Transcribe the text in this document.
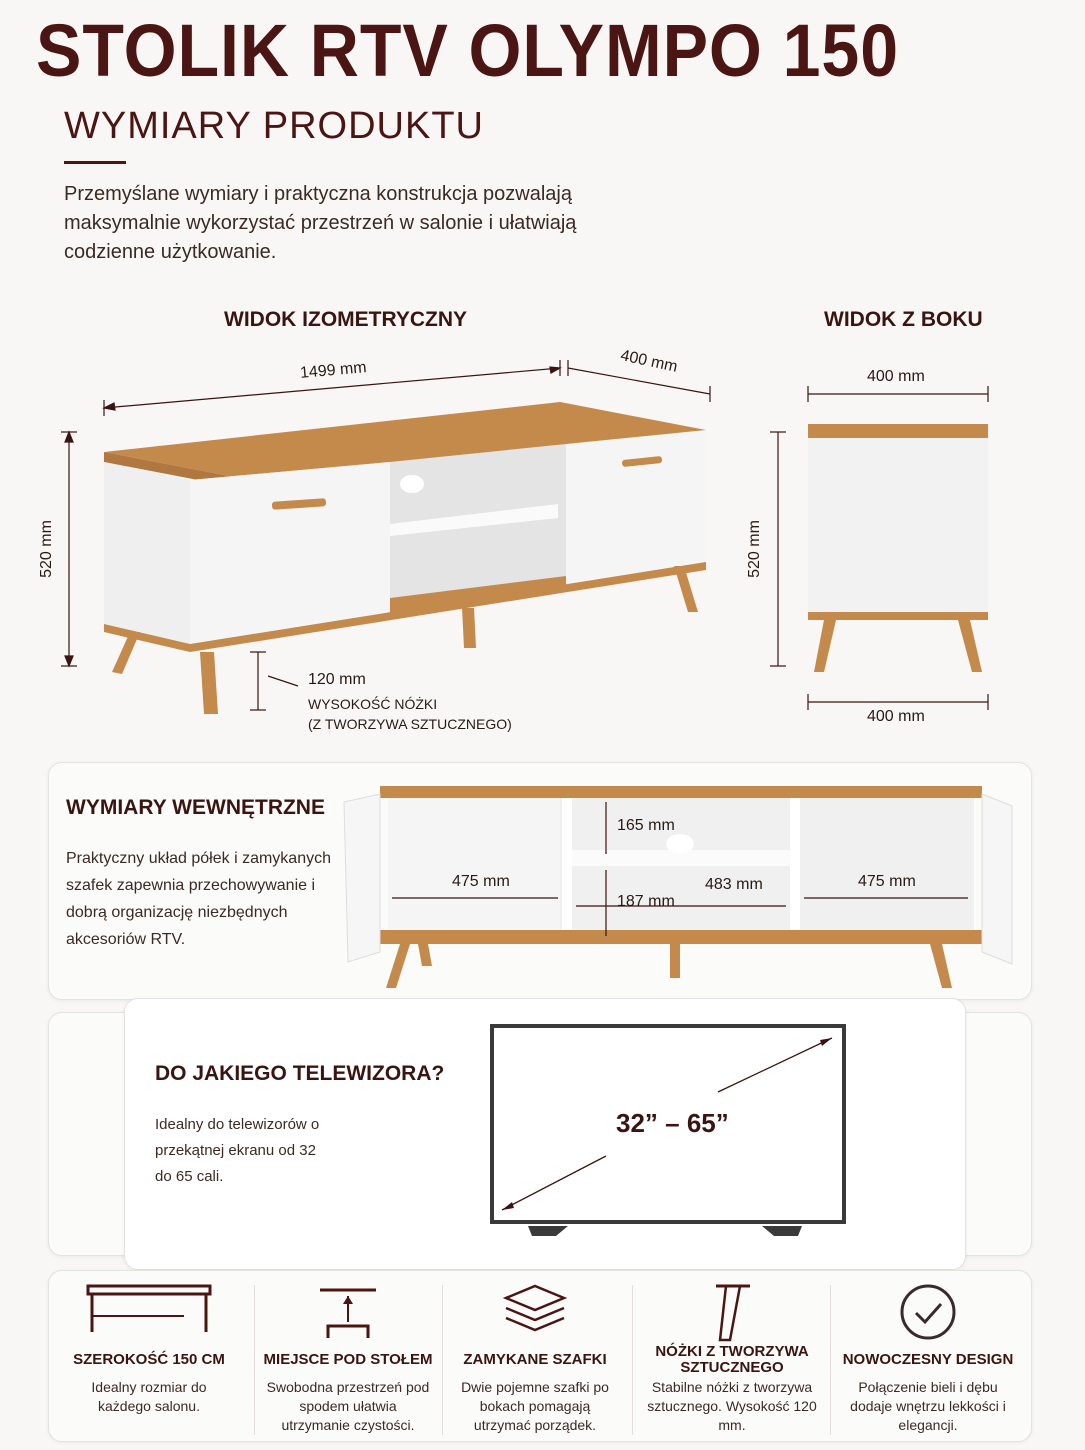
STOLIK RTV OLYMPO 150
WYMIARY PRODUKTU
Przemyślane wymiary i praktyczna konstrukcja pozwalają maksymalnie wykorzystać przestrzeń w salonie i ułatwiają codzienne użytkowanie.
WIDOK IZOMETRYCZNY	WIDOK Z BOKU
1499 mm	400 mm
520 mm
120 mm
WYSOKOŚĆ NÓŻKI
(Z TWORZYWA SZTUCZNEGO)
400 mm
520 mm
400 mm
WYMIARY WEWNĘTRZNE
Praktyczny układ półek i zamykanych szafek zapewnia przechowywanie i dobrą organizację niezbędnych akcesoriów RTV.
475 mm
165 mm
187 mm
483 mm	475 mm
DO JAKIEGO TELEWIZORA?
Idealny do telewizorów o przekątnej ekranu od 32 do 65 cali.
32” – 65”
SZEROKOŚĆ 150 CM
Idealny rozmiar do każdego salonu.
MIEJSCE POD STOŁEM
Swobodna przestrzeń pod spodem ułatwia utrzymanie czystości.
ZAMYKANE SZAFKI
Dwie pojemne szafki po bokach pomagają utrzymać porządek.
NÓŻKI Z TWORZYWA SZTUCZNEGO
Stabilne nóżki z tworzywa sztucznego. Wysokość 120 mm.
NOWOCZESNY DESIGN
Połączenie bieli i dębu dodaje wnętrzu lekkości i elegancji.
